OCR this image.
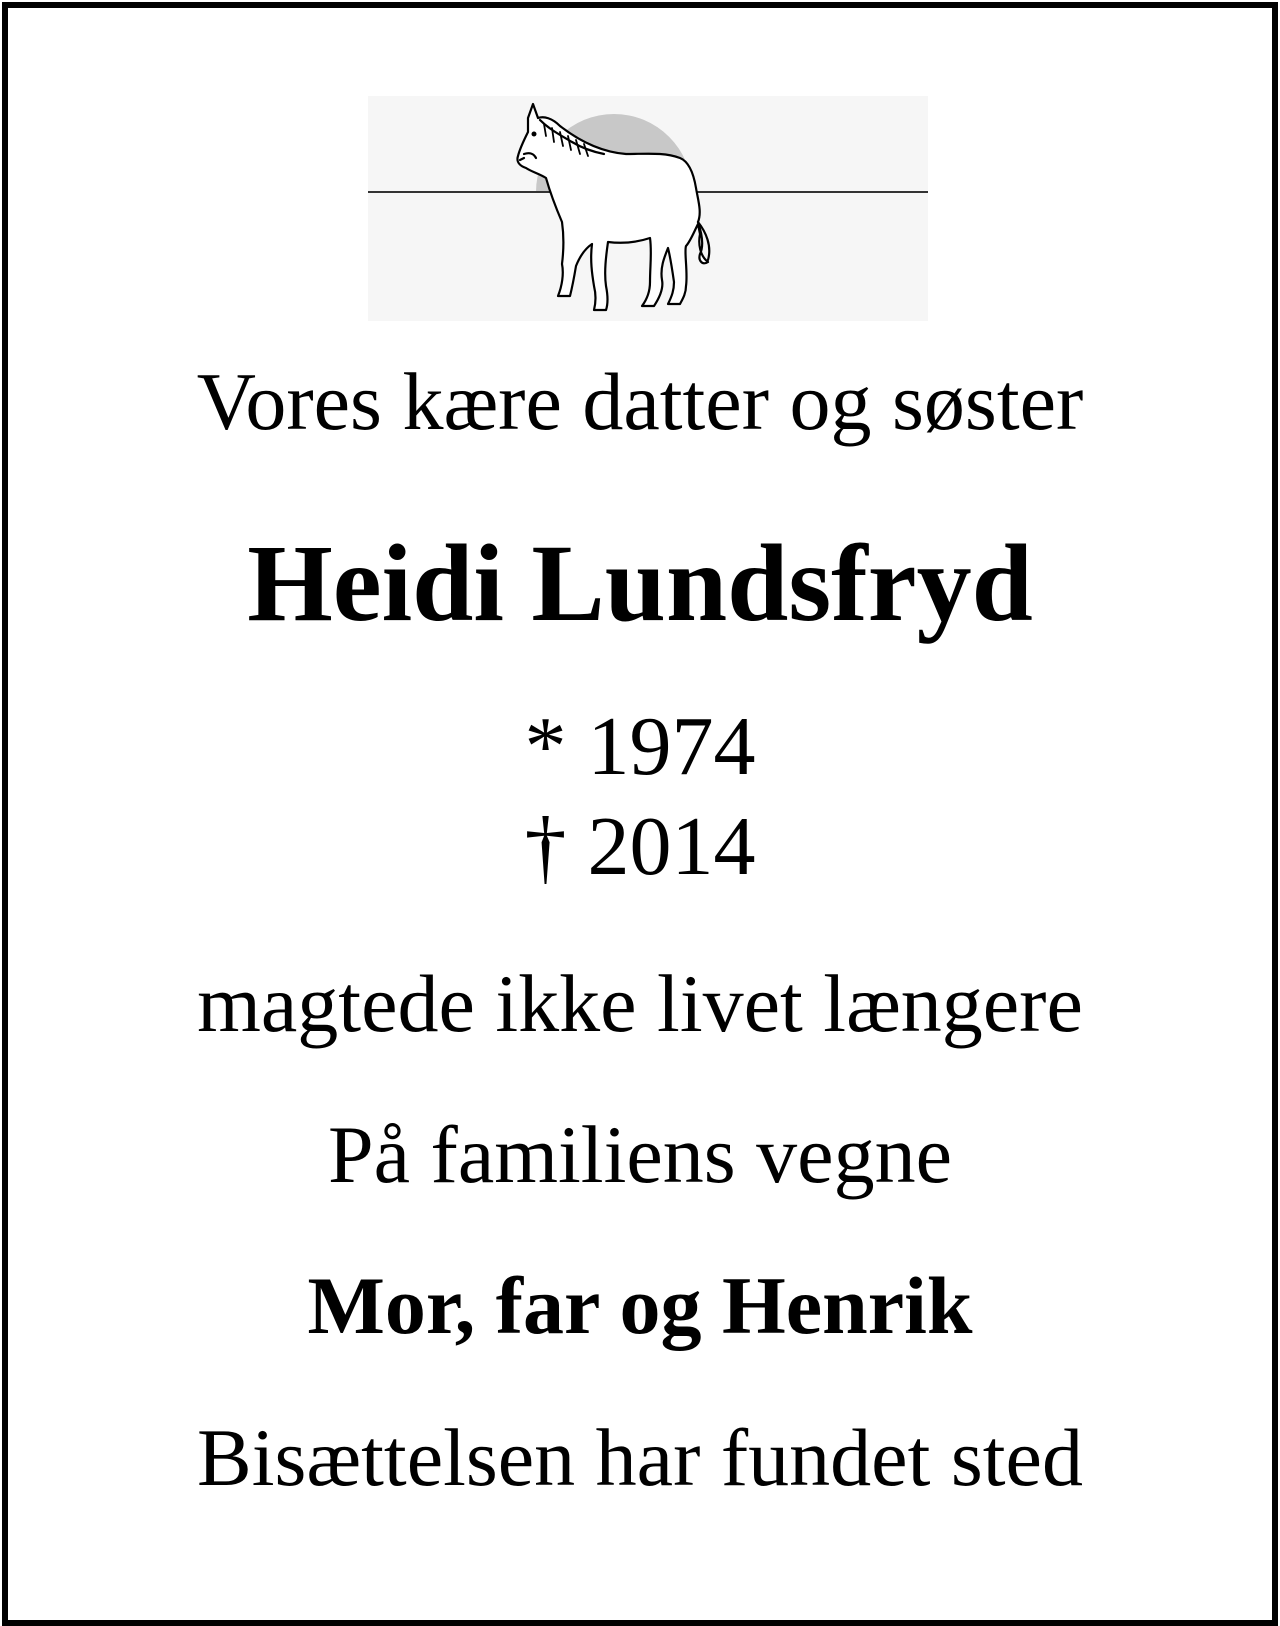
Vores kære datter og søster
Heidi Lundsfryd
* 1974
† 2014
magtede ikke livet længere
På familiens vegne
Mor, far og Henrik
Bisættelsen har fundet sted
